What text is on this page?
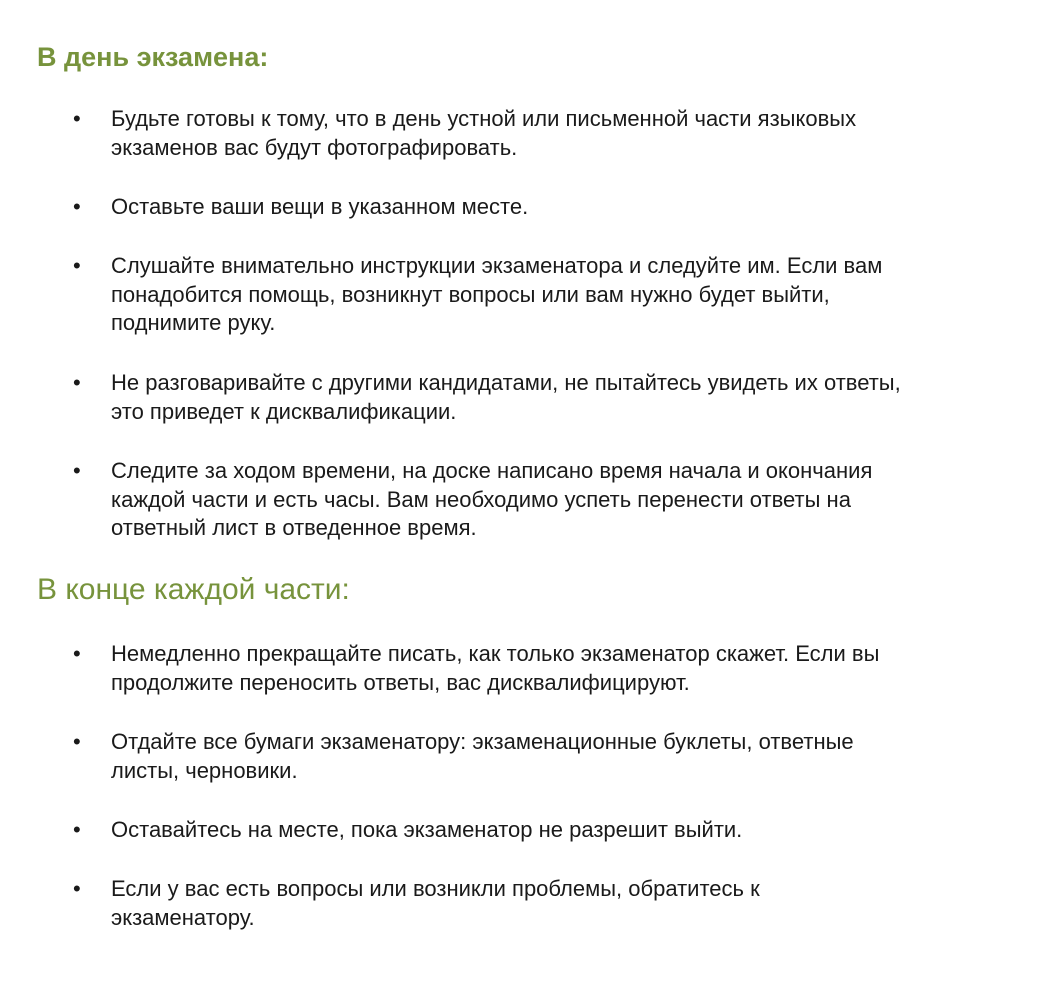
В день экзамена:
• Будьте готовы к тому, что в день устной или письменной части языковых
экзаменов вас будут фотографировать.
• Оставьте ваши вещи в указанном месте.
• Слушайте внимательно инструкции экзаменатора и следуйте им. Если вам
понадобится помощь, возникнут вопросы или вам нужно будет выйти,
поднимите руку.
• Не разговаривайте с другими кандидатами, не пытайтесь увидеть их ответы,
это приведет к дисквалификации.
• Следите за ходом времени, на доске написано время начала и окончания
каждой части и есть часы. Вам необходимо успеть перенести ответы на
ответный лист в отведенное время.
В конце каждой части:
• Немедленно прекращайте писать, как только экзаменатор скажет. Если вы
продолжите переносить ответы, вас дисквалифицируют.
• Отдайте все бумаги экзаменатору: экзаменационные буклеты, ответные
листы, черновики.
• Оставайтесь на месте, пока экзаменатор не разрешит выйти.
• Если у вас есть вопросы или возникли проблемы, обратитесь к
экзаменатору.
